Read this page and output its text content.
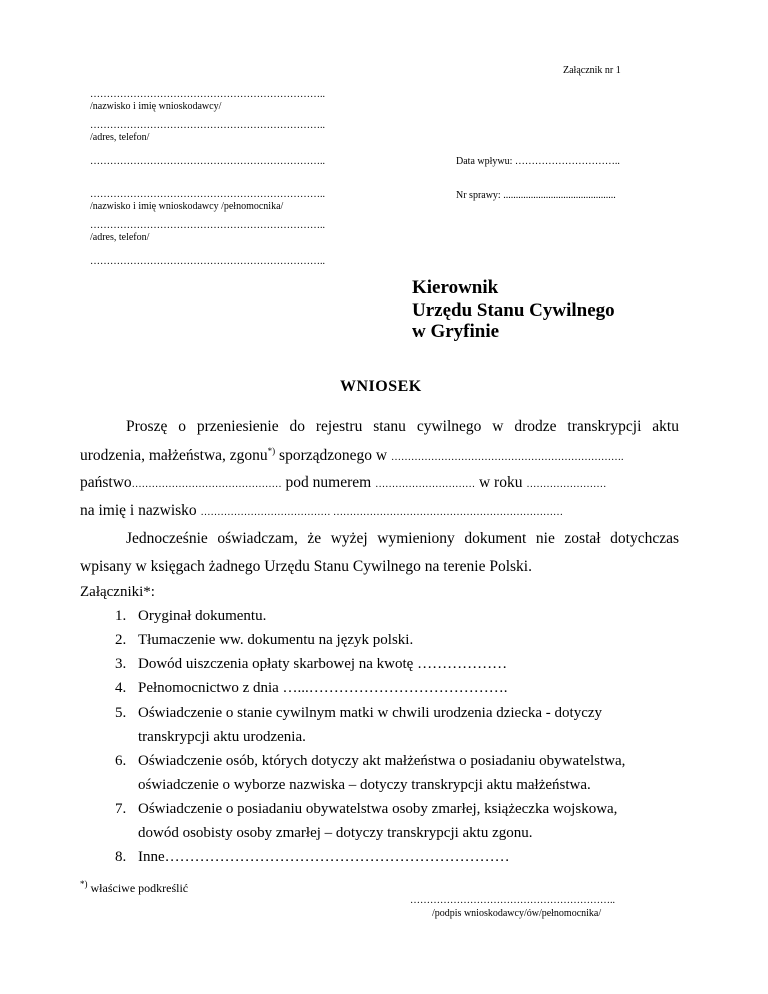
Załącznik nr 1
……………………………………………………………..
/nazwisko i imię wnioskodawcy/
……………………………………………………………..
/adres, telefon/
……………………………………………………………..
……………………………………………………………..
/nazwisko i imię wnioskodawcy /pełnomocnika/
……………………………………………………………..
/adres, telefon/
……………………………………………………………..
Data wpływu: …………………………..
Nr sprawy: .............................................
Kierownik
Urzędu Stanu Cywilnego
w Gryfinie
WNIOSEK
Proszę o przeniesienie do rejestru stanu cywilnego w drodze transkrypcji aktu
urodzenia, małżeństwa, zgonu*) sporządzonego w …………………………………………………………….
państwo……………………………………… pod numerem ………………………… w roku ……………………
na imię i nazwisko ………………………………… ……………………………………………………………
Jednocześnie oświadczam, że wyżej wymieniony dokument nie został dotychczas
wpisany w księgach żadnego Urzędu Stanu Cywilnego na terenie Polski.
Załączniki*:
1. Oryginał dokumentu.
2. Tłumaczenie ww. dokumentu na język polski.
3. Dowód uiszczenia opłaty skarbowej na kwotę ………………
4. Pełnomocnictwo z dnia …...………………………………….
5. Oświadczenie o stanie cywilnym matki w chwili urodzenia dziecka - dotyczy
transkrypcji aktu urodzenia.
6. Oświadczenie osób, których dotyczy akt małżeństwa o posiadaniu obywatelstwa,
oświadczenie o wyborze nazwiska – dotyczy transkrypcji aktu małżeństwa.
7. Oświadczenie o posiadaniu obywatelstwa osoby zmarłej, książeczka wojskowa,
dowód osobisty osoby zmarłej – dotyczy transkrypcji aktu zgonu.
8. Inne……………………………………………………………
*) właściwe podkreślić
……………………………………………………..
/podpis wnioskodawcy/ów/pełnomocnika/
